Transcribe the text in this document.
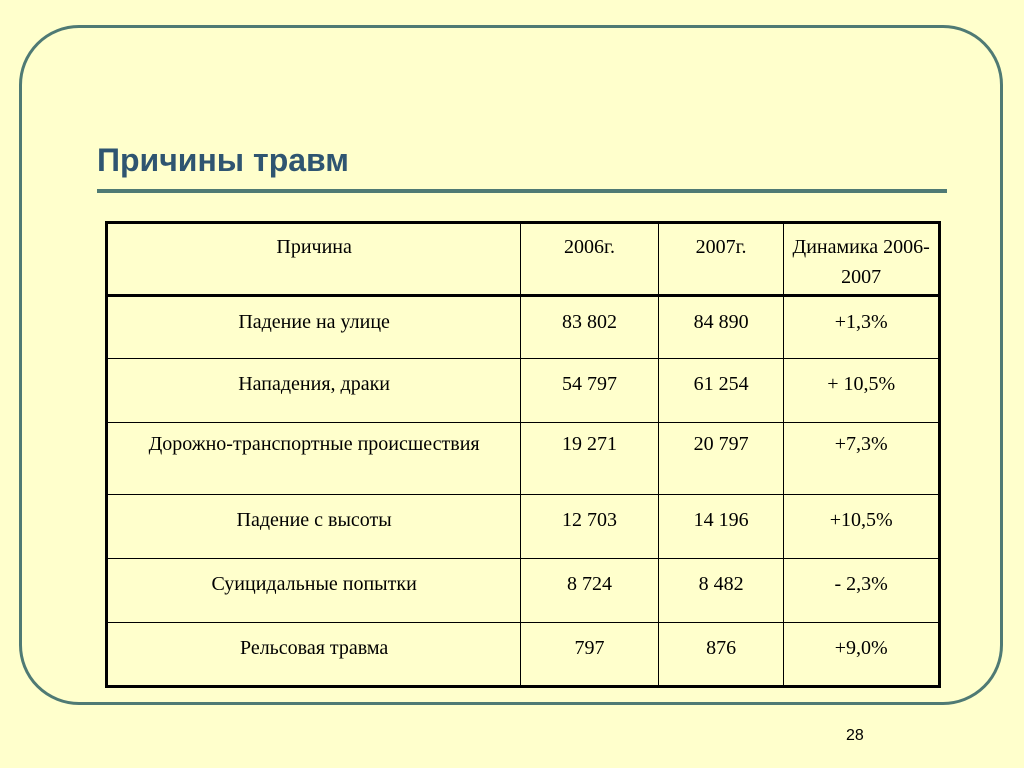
Причины травм
Причина	2006г.	2007г.	Динамика 2006-2007
Падение на улице	83 802	84 890	+1,3%
Нападения, драки	54 797	61 254	+ 10,5%
Дорожно-транспортные происшествия	19 271	20 797	+7,3%
Падение с высоты	12 703	14 196	+10,5%
Суицидальные попытки	8 724	8 482	- 2,3%
Рельсовая травма	797	876	+9,0%
28
